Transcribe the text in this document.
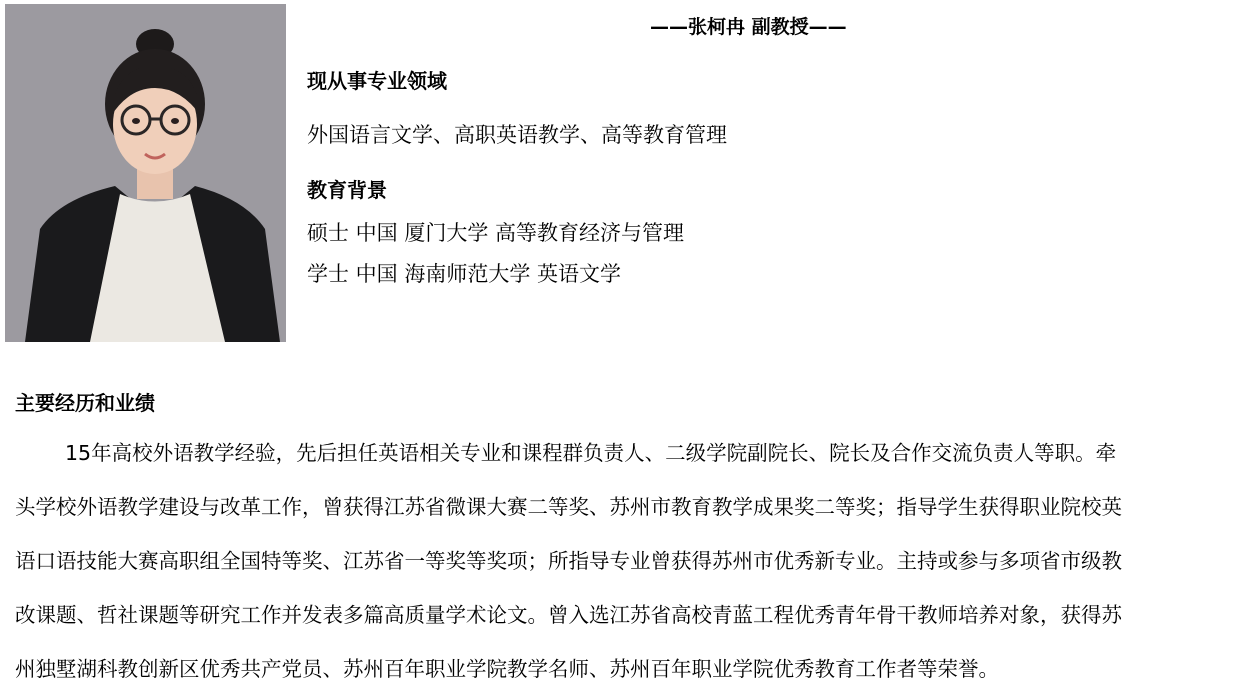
——张柯冉 副教授——
现从事专业领域
外国语言文学、高职英语教学、高等教育管理
教育背景
硕士 中国 厦门大学 高等教育经济与管理
学士 中国 海南师范大学 英语文学
主要经历和业绩
15年高校外语教学经验，先后担任英语相关专业和课程群负责人、二级学院副院长、院长及合作交流负责人等职。牵
头学校外语教学建设与改革工作，曾获得江苏省微课大赛二等奖、苏州市教育教学成果奖二等奖；指导学生获得职业院校英
语口语技能大赛高职组全国特等奖、江苏省一等奖等奖项；所指导专业曾获得苏州市优秀新专业。主持或参与多项省市级教
改课题、哲社课题等研究工作并发表多篇高质量学术论文。曾入选江苏省高校青蓝工程优秀青年骨干教师培养对象，获得苏
州独墅湖科教创新区优秀共产党员、苏州百年职业学院教学名师、苏州百年职业学院优秀教育工作者等荣誉。
